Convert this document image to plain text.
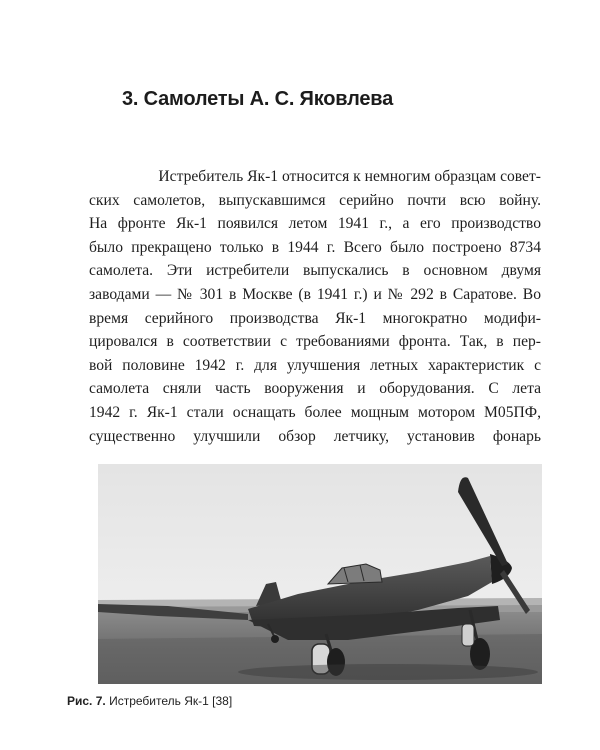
3. Самолеты А. С. Яковлева
Истребитель Як-1 относится к немногим образцам совет-
ских самолетов, выпускавшимся серийно почти всю войну.
На фронте Як-1 появился летом 1941 г., а его производство
было прекращено только в 1944 г. Всего было построено 8734
самолета. Эти истребители выпускались в основном двумя
заводами — № 301 в Москве (в 1941 г.) и № 292 в Саратове. Во
время серийного производства Як-1 многократно модифи-
цировался в соответствии с требованиями фронта. Так, в пер-
вой половине 1942 г. для улучшения летных характеристик с
самолета сняли часть вооружения и оборудования. С лета
1942 г. Як-1 стали оснащать более мощным мотором М05ПФ,
существенно улучшили обзор летчику, установив фонарь
Рис. 7. Истребитель Як-1 [38]
